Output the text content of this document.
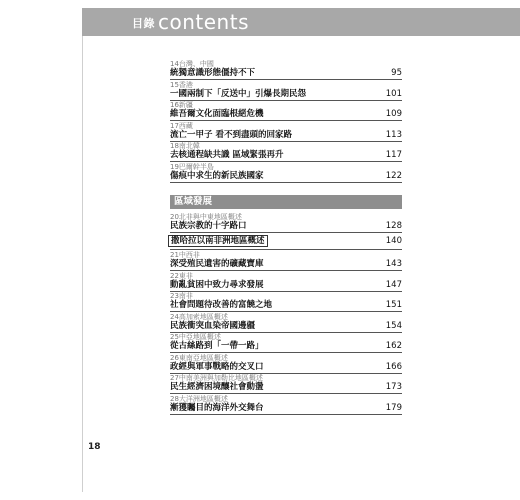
目錄 contents
14台灣、中國
統獨意識形態僵持不下	95
15香港
一國兩制下「反送中」引爆長期民怨	101
16新疆
維吾爾文化面臨根絕危機	109
17西藏
流亡一甲子 看不到盡頭的回家路	113
18南北韓
去核通程缺共識 區域緊張再升	117
19巴爾幹半島
傷痕中求生的新民族國家	122
區域發展
20北非與中東地區概述
民族宗教的十字路口	128
撒哈拉以南非洲地區概述	140
21中西非
深受殖民遺害的礦藏寶庫	143
22東非
動亂貧困中致力尋求發展	147
23南非
社會問題待改善的富饒之地	151
24高加索地區概述
民族衝突血染帝國邊疆	154
25中亞地區概述
從古絲路到「一帶一路」	162
26東南亞地區概述
政經與軍事戰略的交叉口	166
27中南美洲與加勒比地區概述
民生經濟困境釀社會動盪	173
28大洋洲地區概述
漸獲矚目的海洋外交舞台	179
18
